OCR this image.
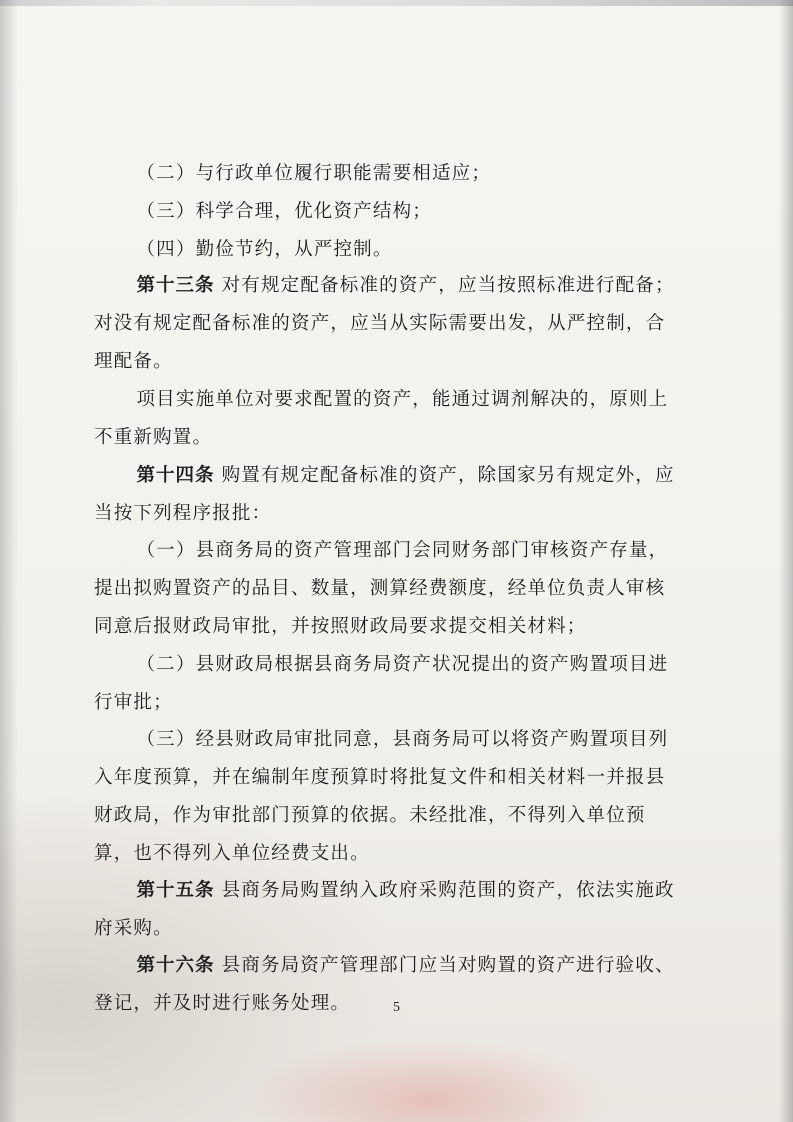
（二）与行政单位履行职能需要相适应；

（三）科学合理，优化资产结构；

（四）勤俭节约，从严控制。

第十三条 对有规定配备标准的资产，应当按照标准进行配备；对没有规定配备标准的资产，应当从实际需要出发，从严控制，合理配备。

项目实施单位对要求配置的资产，能通过调剂解决的，原则上不重新购置。

第十四条 购置有规定配备标准的资产，除国家另有规定外，应当按下列程序报批：

（一）县商务局的资产管理部门会同财务部门审核资产存量，提出拟购置资产的品目、数量，测算经费额度，经单位负责人审核同意后报财政局审批，并按照财政局要求提交相关材料；

（二）县财政局根据县商务局资产状况提出的资产购置项目进行审批；

（三）经县财政局审批同意，县商务局可以将资产购置项目列入年度预算，并在编制年度预算时将批复文件和相关材料一并报县财政局，作为审批部门预算的依据。未经批准，不得列入单位预算，也不得列入单位经费支出。

第十五条 县商务局购置纳入政府采购范围的资产，依法实施政府采购。

第十六条 县商务局资产管理部门应当对购置的资产进行验收、登记，并及时进行账务处理。
	5
